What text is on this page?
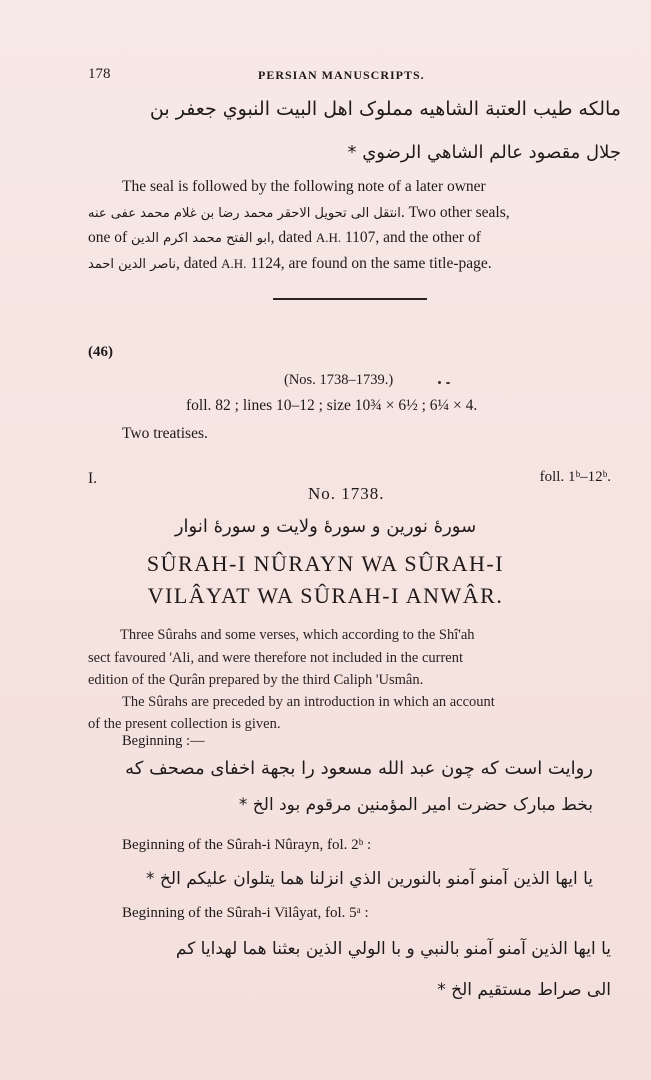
178	PERSIAN MANUSCRIPTS.
مالکه طیب العتبة الشاهیه مملوک اهل البیت النبوي جعفر بن
جلال مقصود عالم الشاهي الرضوي *
The seal is followed by the following note of a later owner
انتقل الی تحویل الاحقر محمد رضا بن غلام محمد عفی عنه. Two other seals,
one of ابو الفتح محمد اکرم الدین, dated A.H. 1107, and the other of
ناصر الدین احمد, dated A.H. 1124, are found on the same title-page.
(46)
(Nos. 1738–1739.)
foll. 82 ; lines 10–12 ; size 10¾ × 6½ ; 6¼ × 4.
Two treatises.
I.	foll. 1ᵇ–12ᵇ.
No. 1738.
سورهٔ نورین و سورهٔ ولایت و سورهٔ انوار
SÛRAH-I NÛRAYN WA SÛRAH-I
VILÂYAT WA SÛRAH-I ANWÂR.
Three Sûrahs and some verses, which according to the Shî'ah
sect favoured 'Ali, and were therefore not included in the current
edition of the Qurân prepared by the third Caliph 'Usmân.
The Sûrahs are preceded by an introduction in which an account
of the present collection is given.
Beginning :—
روایت است که چون عبد الله مسعود را بجهة اخفای مصحف که
بخط مبارک حضرت امیر المؤمنین مرقوم بود الخ *
Beginning of the Sûrah-i Nûrayn, fol. 2ᵇ :
یا ایها الذین آمنو آمنو بالنورین الذي انزلنا هما یتلوان علیکم الخ *
Beginning of the Sûrah-i Vilâyat, fol. 5ᵃ :
یا ایها الذین آمنو آمنو بالنبي و با الولي الذین بعثنا هما لهدایا کم
الی صراط مستقیم الخ *
